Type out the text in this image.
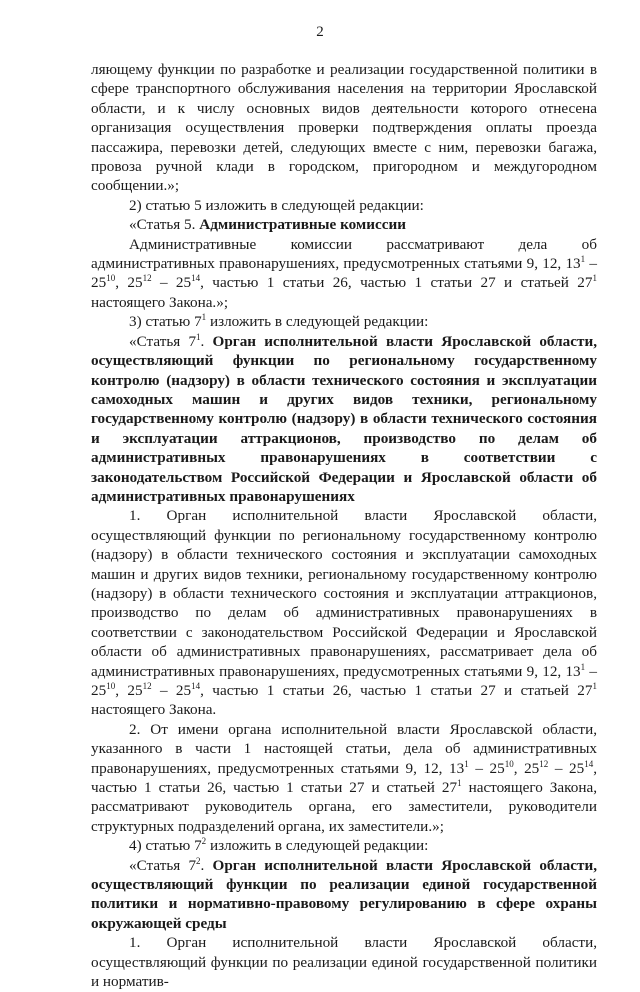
2

ляющему функции по разработке и реализации государственной политики в сфере транспортного обслуживания населения на территории Ярославской области, и к числу основных видов деятельности которого отнесена организация осуществления проверки подтверждения оплаты проезда пассажира, перевозки детей, следующих вместе с ним, перевозки багажа, провоза ручной клади в городском, пригородном и междугородном сообщении.»;

2) статью 5 изложить в следующей редакции:

«Статья 5. Административные комиссии

Административные комиссии рассматривают дела об административных правонарушениях, предусмотренных статьями 9, 12, $13^1 - 25^{10}$, $25^{12} - 25^{14}$, частью 1 статьи 26, частью 1 статьи 27 и статьей $27^1$ настоящего Закона.»;

3) статью $7^1$ изложить в следующей редакции:

«Статья $7^1$. Орган исполнительной власти Ярославской области, осуществляющий функции по региональному государственному контролю (надзору) в области технического состояния и эксплуатации самоходных машин и других видов техники, региональному государственному контролю (надзору) в области технического состояния и эксплуатации аттракционов, производство по делам об административных правонарушениях в соответствии с законодательством Российской Федерации и Ярославской области об административных правонарушениях

1. Орган исполнительной власти Ярославской области, осуществляющий функции по региональному государственному контролю (надзору) в области технического состояния и эксплуатации самоходных машин и других видов техники, региональному государственному контролю (надзору) в области технического состояния и эксплуатации аттракционов, производство по делам об административных правонарушениях в соответствии с законодательством Российской Федерации и Ярославской области об административных правонарушениях, рассматривает дела об административных правонарушениях, предусмотренных статьями 9, 12, $13^1 - 25^{10}$, $25^{12} - 25^{14}$, частью 1 статьи 26, частью 1 статьи 27 и статьей $27^1$ настоящего Закона.

2. От имени органа исполнительной власти Ярославской области, указанного в части 1 настоящей статьи, дела об административных правонарушениях, предусмотренных статьями 9, 12, $13^1 - 25^{10}$, $25^{12} - 25^{14}$, частью 1 статьи 26, частью 1 статьи 27 и статьей $27^1$ настоящего Закона, рассматривают руководитель органа, его заместители, руководители структурных подразделений органа, их заместители.»;

4) статью $7^2$ изложить в следующей редакции:

«Статья $7^2$. Орган исполнительной власти Ярославской области, осуществляющий функции по реализации единой государственной политики и нормативно-правовому регулированию в сфере охраны окружающей среды

1. Орган исполнительной власти Ярославской области, осуществляющий функции по реализации единой государственной политики и норматив-
